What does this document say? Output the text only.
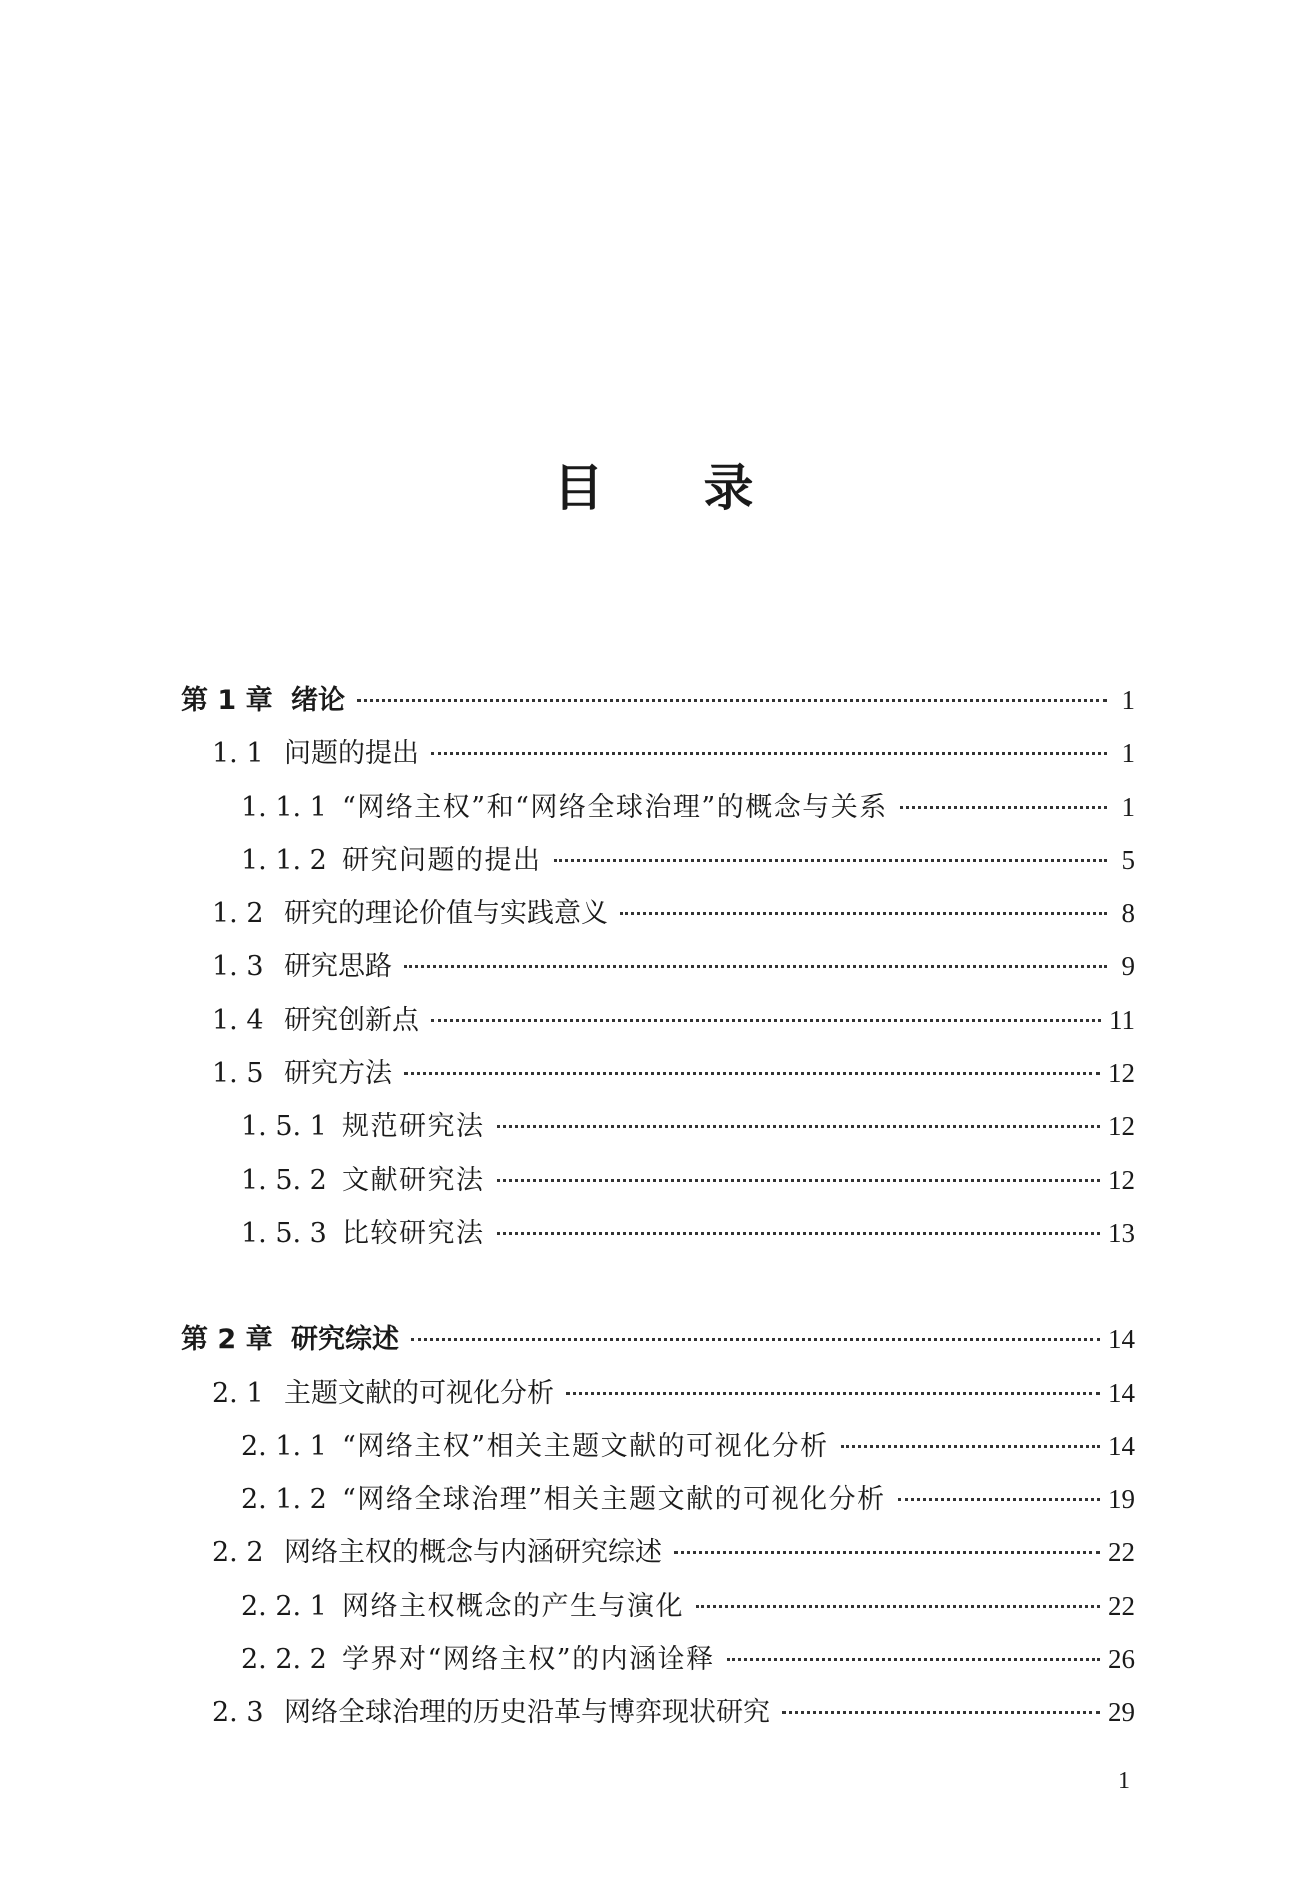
目录
第 1 章 绪论	1
1. 1 问题的提出	1
1. 1. 1 “网络主权”和“网络全球治理”的概念与关系	1
1. 1. 2 研究问题的提出	5
1. 2 研究的理论价值与实践意义	8
1. 3 研究思路	9
1. 4 研究创新点	11
1. 5 研究方法	12
1. 5. 1 规范研究法	12
1. 5. 2 文献研究法	12
1. 5. 3 比较研究法	13
第 2 章 研究综述	14
2. 1 主题文献的可视化分析	14
2. 1. 1 “网络主权”相关主题文献的可视化分析	14
2. 1. 2 “网络全球治理”相关主题文献的可视化分析	19
2. 2 网络主权的概念与内涵研究综述	22
2. 2. 1 网络主权概念的产生与演化	22
2. 2. 2 学界对“网络主权”的内涵诠释	26
2. 3 网络全球治理的历史沿革与博弈现状研究	29
1
